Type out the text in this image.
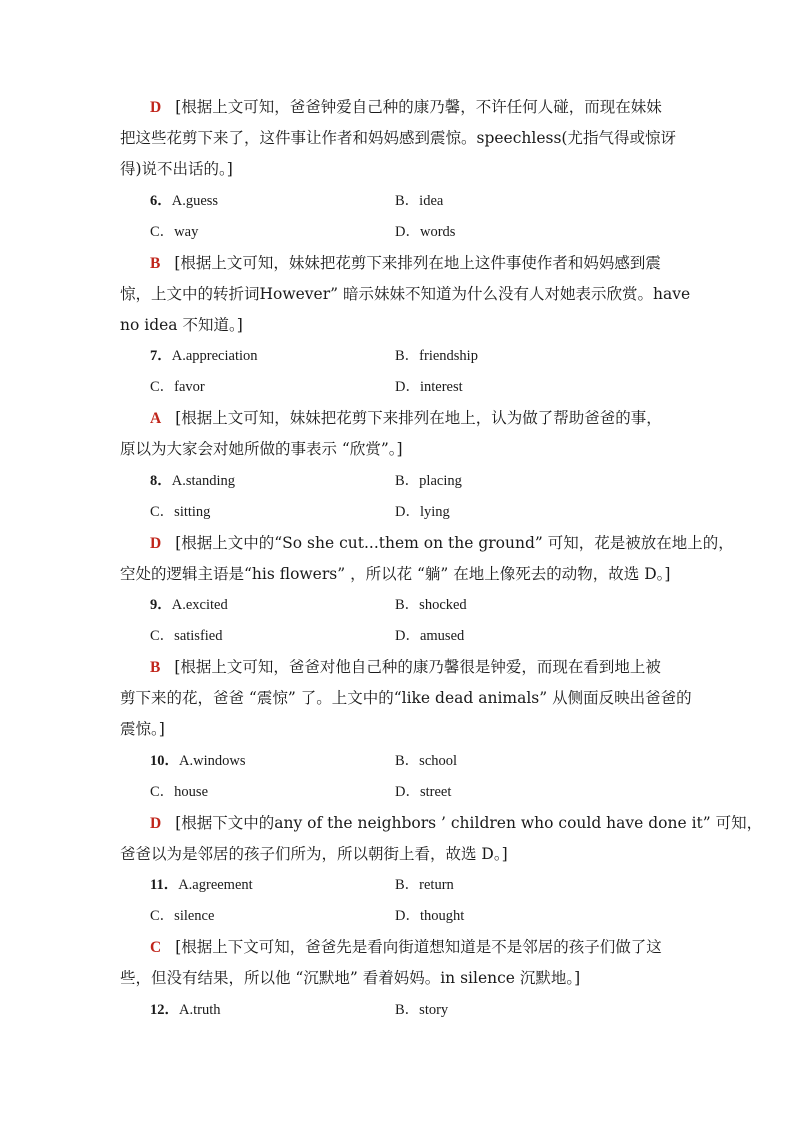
D [根据上文可知，爸爸钟爱自己种的康乃馨，不许任何人碰，而现在妹妹
把这些花剪下来了，这件事让作者和妈妈感到震惊。speechless(尤指气得或惊讶
得)说不出话的。]
6．A.guess	B．idea
C．way	D．words
B [根据上文可知，妹妹把花剪下来排列在地上这件事使作者和妈妈感到震
惊，上文中的转折词However” 暗示妹妹不知道为什么没有人对她表示欣赏。have
no idea 不知道。]
7．A.appreciation	B．friendship
C．favor	D．interest
A [根据上文可知，妹妹把花剪下来排列在地上，认为做了帮助爸爸的事，
原以为大家会对她所做的事表示 “欣赏”。]
8．A.standing	B．placing
C．sitting	D．lying
D [根据上文中的“So she cut...them on the ground” 可知，花是被放在地上的，
空处的逻辑主语是“his flowers” ，所以花 “躺” 在地上像死去的动物，故选 D。]
9．A.excited	B．shocked
C．satisfied	D．amused
B [根据上文可知，爸爸对他自己种的康乃馨很是钟爱，而现在看到地上被
剪下来的花，爸爸 “震惊” 了。上文中的“like dead animals” 从侧面反映出爸爸的
震惊。]
10．A.windows	B．school
C．house	D．street
D [根据下文中的any of the neighbors ’ children who could have done it” 可知，
爸爸以为是邻居的孩子们所为，所以朝街上看，故选 D。]
11．A.agreement	B．return
C．silence	D．thought
C [根据上下文可知，爸爸先是看向街道想知道是不是邻居的孩子们做了这
些，但没有结果，所以他 “沉默地” 看着妈妈。in silence 沉默地。]
12．A.truth	B．story
